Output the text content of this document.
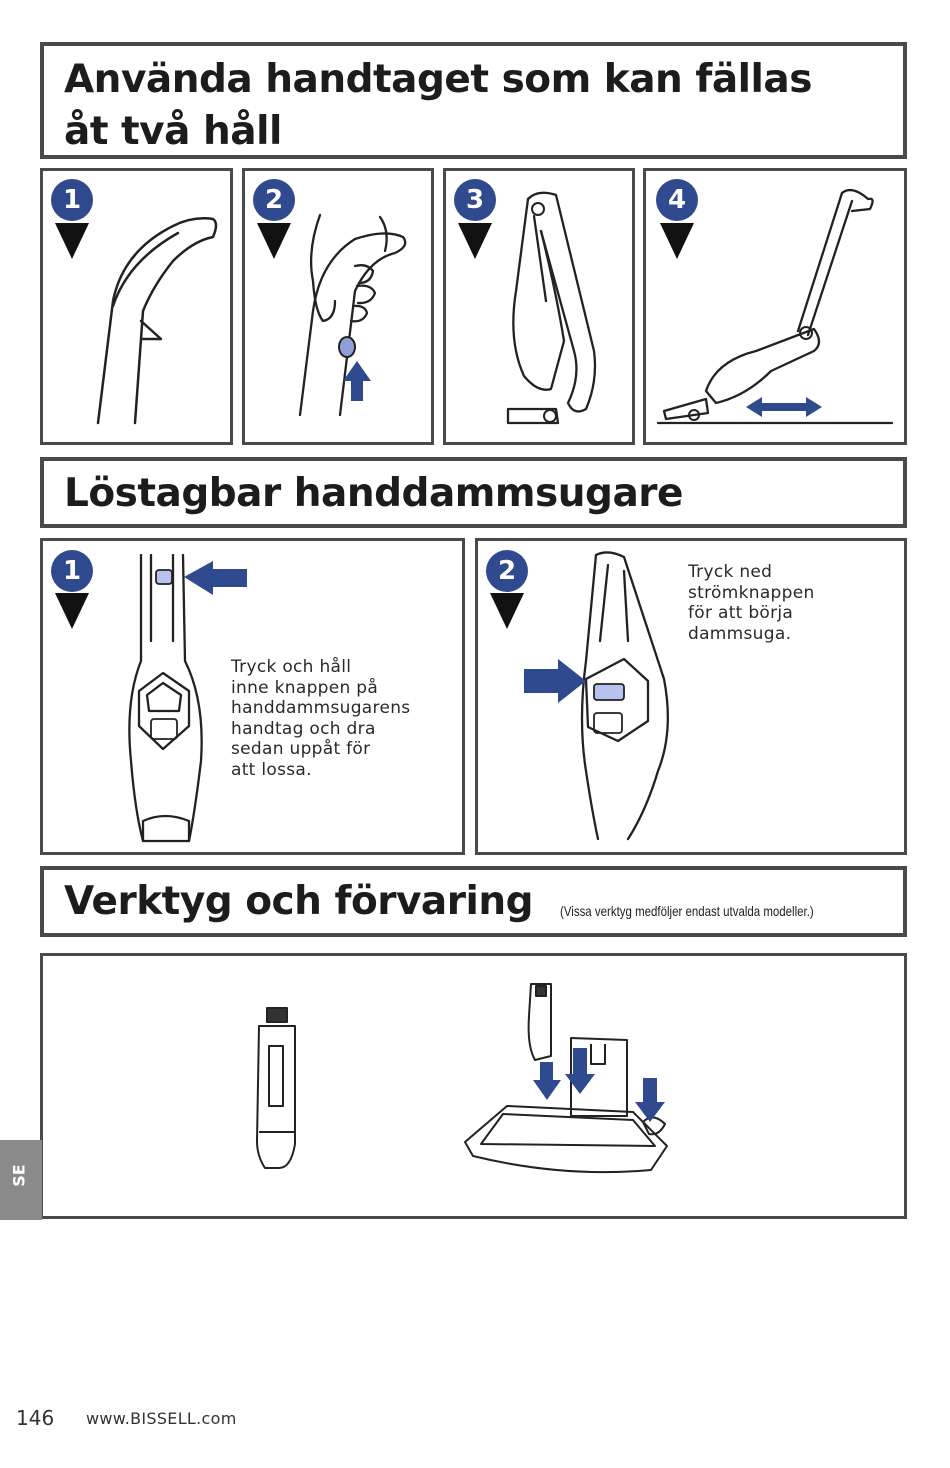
Använda handtaget som kan fällas
åt två håll
1	2	3	4
Löstagbar handdammsugare
1
Tryck och håll
inne knappen på
handdammsugarens
handtag och dra
sedan uppåt för
att lossa.
2	Tryck ned
strömknappen
för att börja
dammsuga.
Verktyg och förvaring (Vissa verktyg medföljer endast utvalda modeller.)
SE
146 www.BISSELL.com
